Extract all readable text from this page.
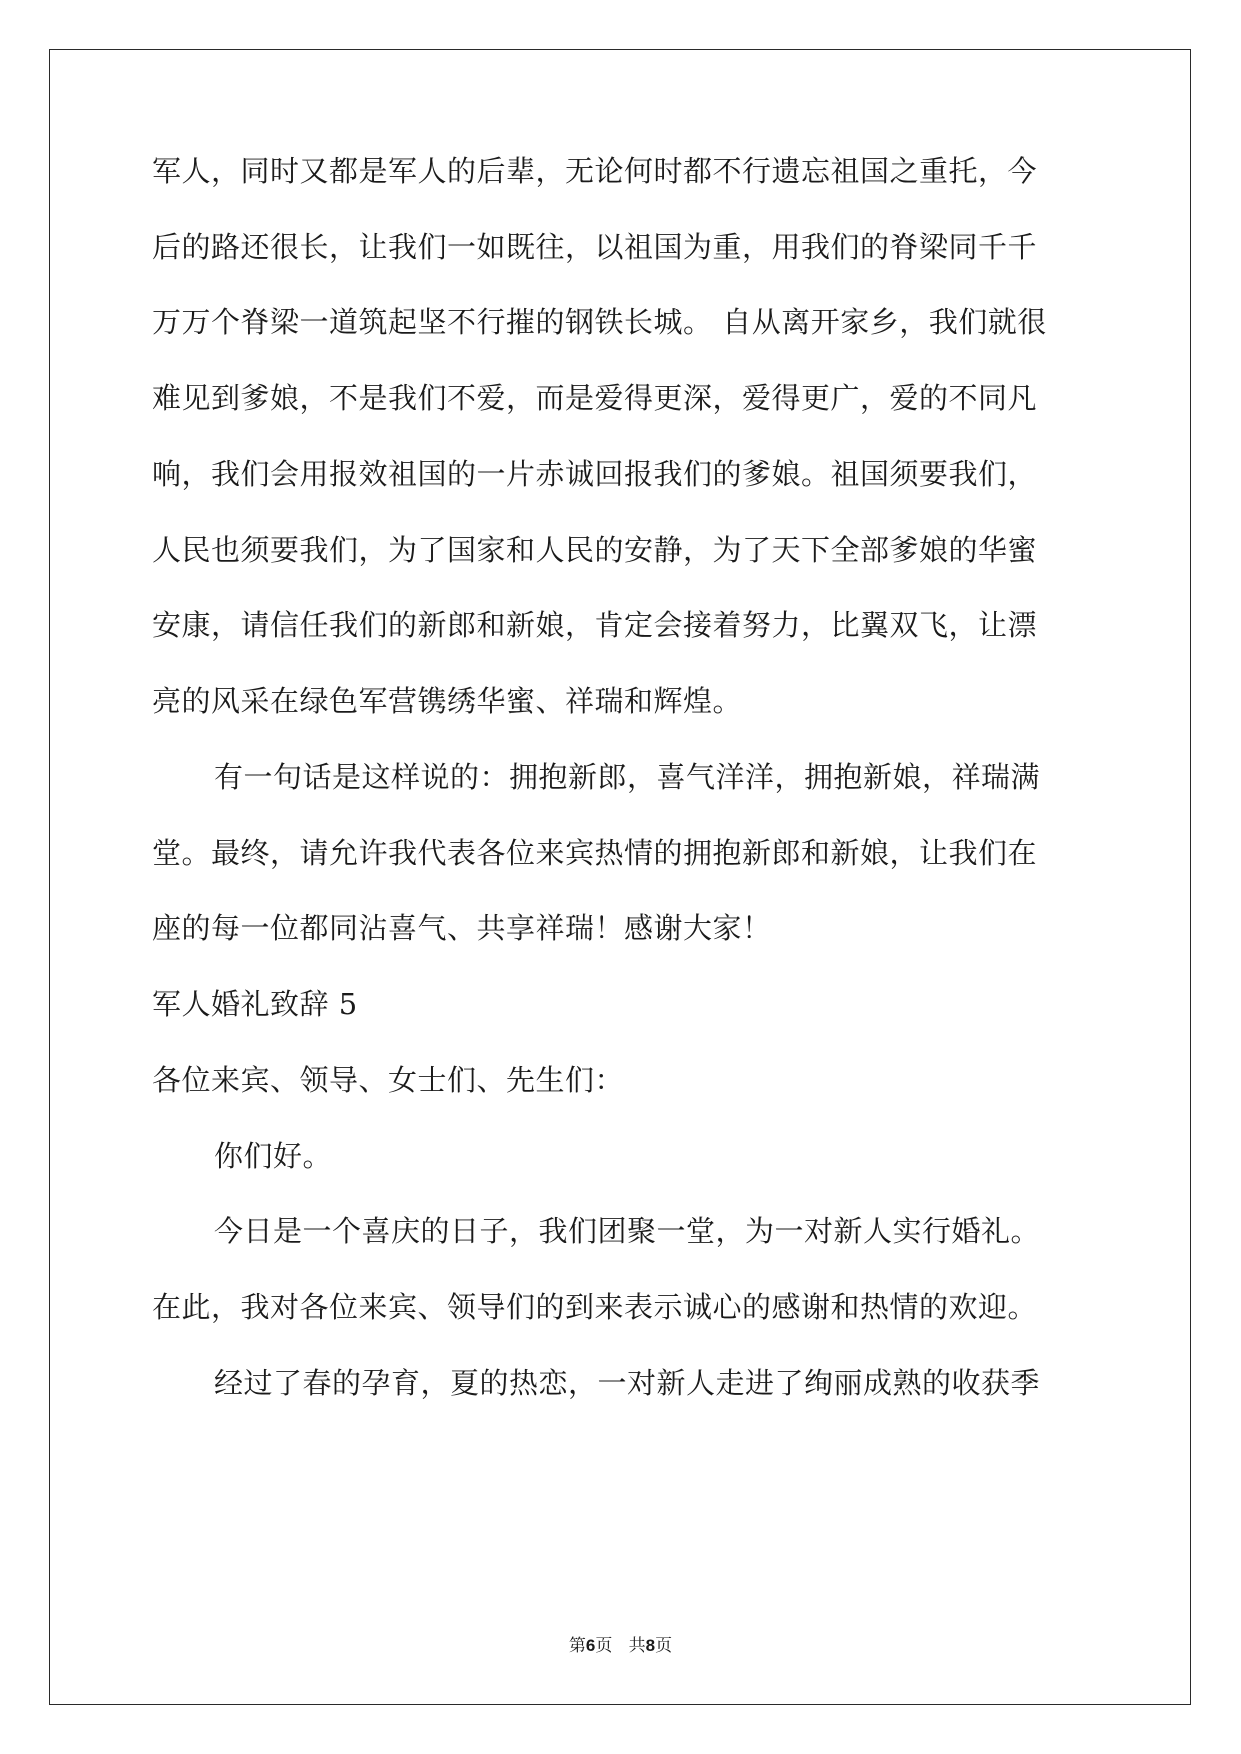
军人，同时又都是军人的后辈，无论何时都不行遗忘祖国之重托，今
后的路还很长，让我们一如既往，以祖国为重，用我们的脊梁同千千
万万个脊梁一道筑起坚不行摧的钢铁长城。 自从离开家乡，我们就很
难见到爹娘，不是我们不爱，而是爱得更深，爱得更广，爱的不同凡
响，我们会用报效祖国的一片赤诚回报我们的爹娘。祖国须要我们，
人民也须要我们，为了国家和人民的安静，为了天下全部爹娘的华蜜
安康，请信任我们的新郎和新娘，肯定会接着努力，比翼双飞，让漂
亮的风采在绿色军营镌绣华蜜、祥瑞和辉煌。
有一句话是这样说的：拥抱新郎，喜气洋洋，拥抱新娘，祥瑞满
堂。最终，请允许我代表各位来宾热情的拥抱新郎和新娘，让我们在
座的每一位都同沾喜气、共享祥瑞！感谢大家！
军人婚礼致辞 5
各位来宾、领导、女士们、先生们：
你们好。
今日是一个喜庆的日子，我们团聚一堂，为一对新人实行婚礼。
在此，我对各位来宾、领导们的到来表示诚心的感谢和热情的欢迎。
经过了春的孕育，夏的热恋，一对新人走进了绚丽成熟的收获季
第6页   共8页
